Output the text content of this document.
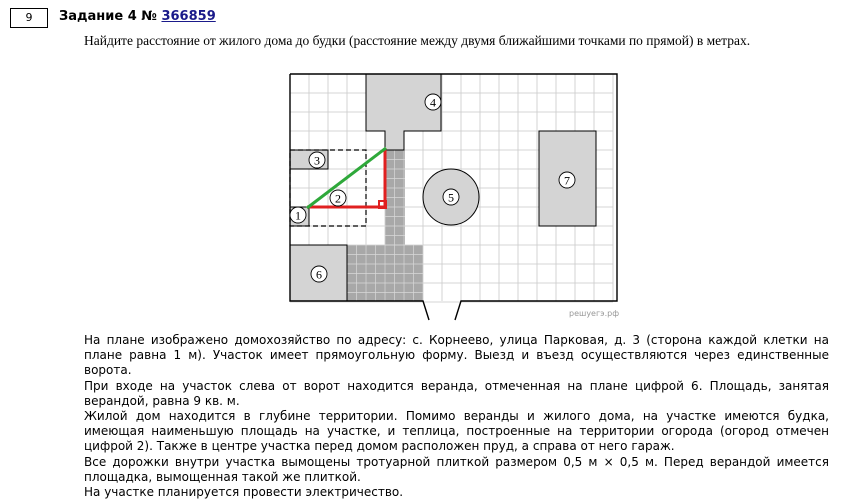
9	Задание 4 № 366859
Найдите расстояние от жилого дома до будки (расстояние между двумя ближайшими точками по прямой) в метрах.
1
2
3
4
5
6
7
решуегэ.рф

На плане изображено домохозяйство по адресу: с. Корнеево, улица Парковая, д. 3 (сторона каждой клетки на плане равна 1 м). Участок имеет прямоугольную форму. Выезд и въезд осуществляются через единственные ворота.

При входе на участок слева от ворот находится веранда, отмеченная на плане цифрой 6. Площадь, занятая верандой, равна 9 кв. м.

Жилой дом находится в глубине территории. Помимо веранды и жилого дома, на участке имеются будка, имеющая наименьшую площадь на участке, и теплица, построенные на территории огорода (огород отмечен цифрой 2). Также в центре участка перед домом расположен пруд, а справа от него гараж.

Все дорожки внутри участка вымощены тротуарной плиткой размером 0,5 м × 0,5 м. Перед верандой имеется площадка, вымощенная такой же плиткой.

На участке планируется провести электричество.
